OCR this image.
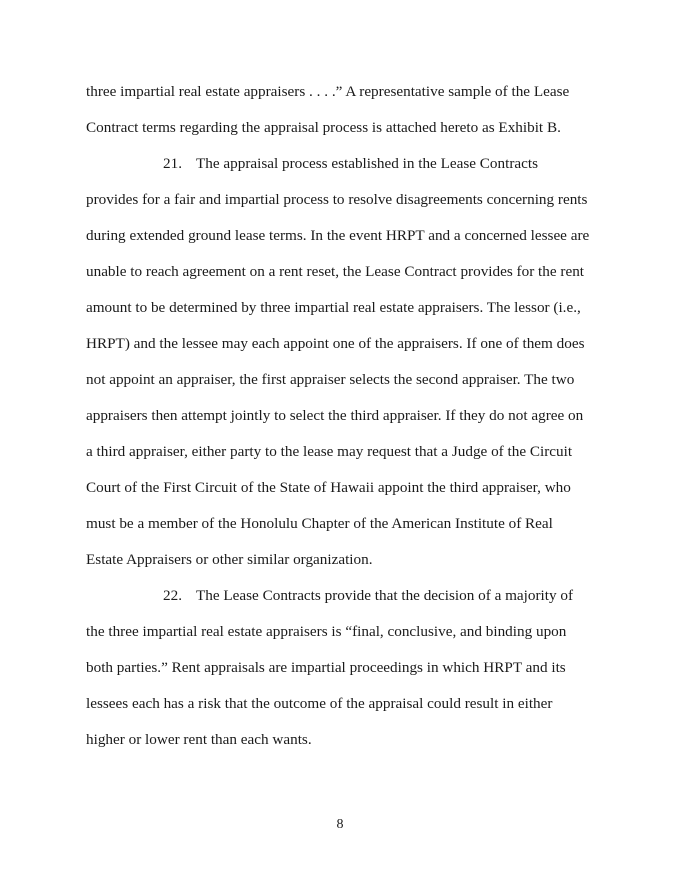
three impartial real estate appraisers . . . .” A representative sample of the Lease
Contract terms regarding the appraisal process is attached hereto as Exhibit B.
21. The appraisal process established in the Lease Contracts
provides for a fair and impartial process to resolve disagreements concerning rents
during extended ground lease terms. In the event HRPT and a concerned lessee are
unable to reach agreement on a rent reset, the Lease Contract provides for the rent
amount to be determined by three impartial real estate appraisers. The lessor (i.e.,
HRPT) and the lessee may each appoint one of the appraisers. If one of them does
not appoint an appraiser, the first appraiser selects the second appraiser. The two
appraisers then attempt jointly to select the third appraiser. If they do not agree on
a third appraiser, either party to the lease may request that a Judge of the Circuit
Court of the First Circuit of the State of Hawaii appoint the third appraiser, who
must be a member of the Honolulu Chapter of the American Institute of Real
Estate Appraisers or other similar organization.
22. The Lease Contracts provide that the decision of a majority of
the three impartial real estate appraisers is “final, conclusive, and binding upon
both parties.” Rent appraisals are impartial proceedings in which HRPT and its
lessees each has a risk that the outcome of the appraisal could result in either
higher or lower rent than each wants.
8
